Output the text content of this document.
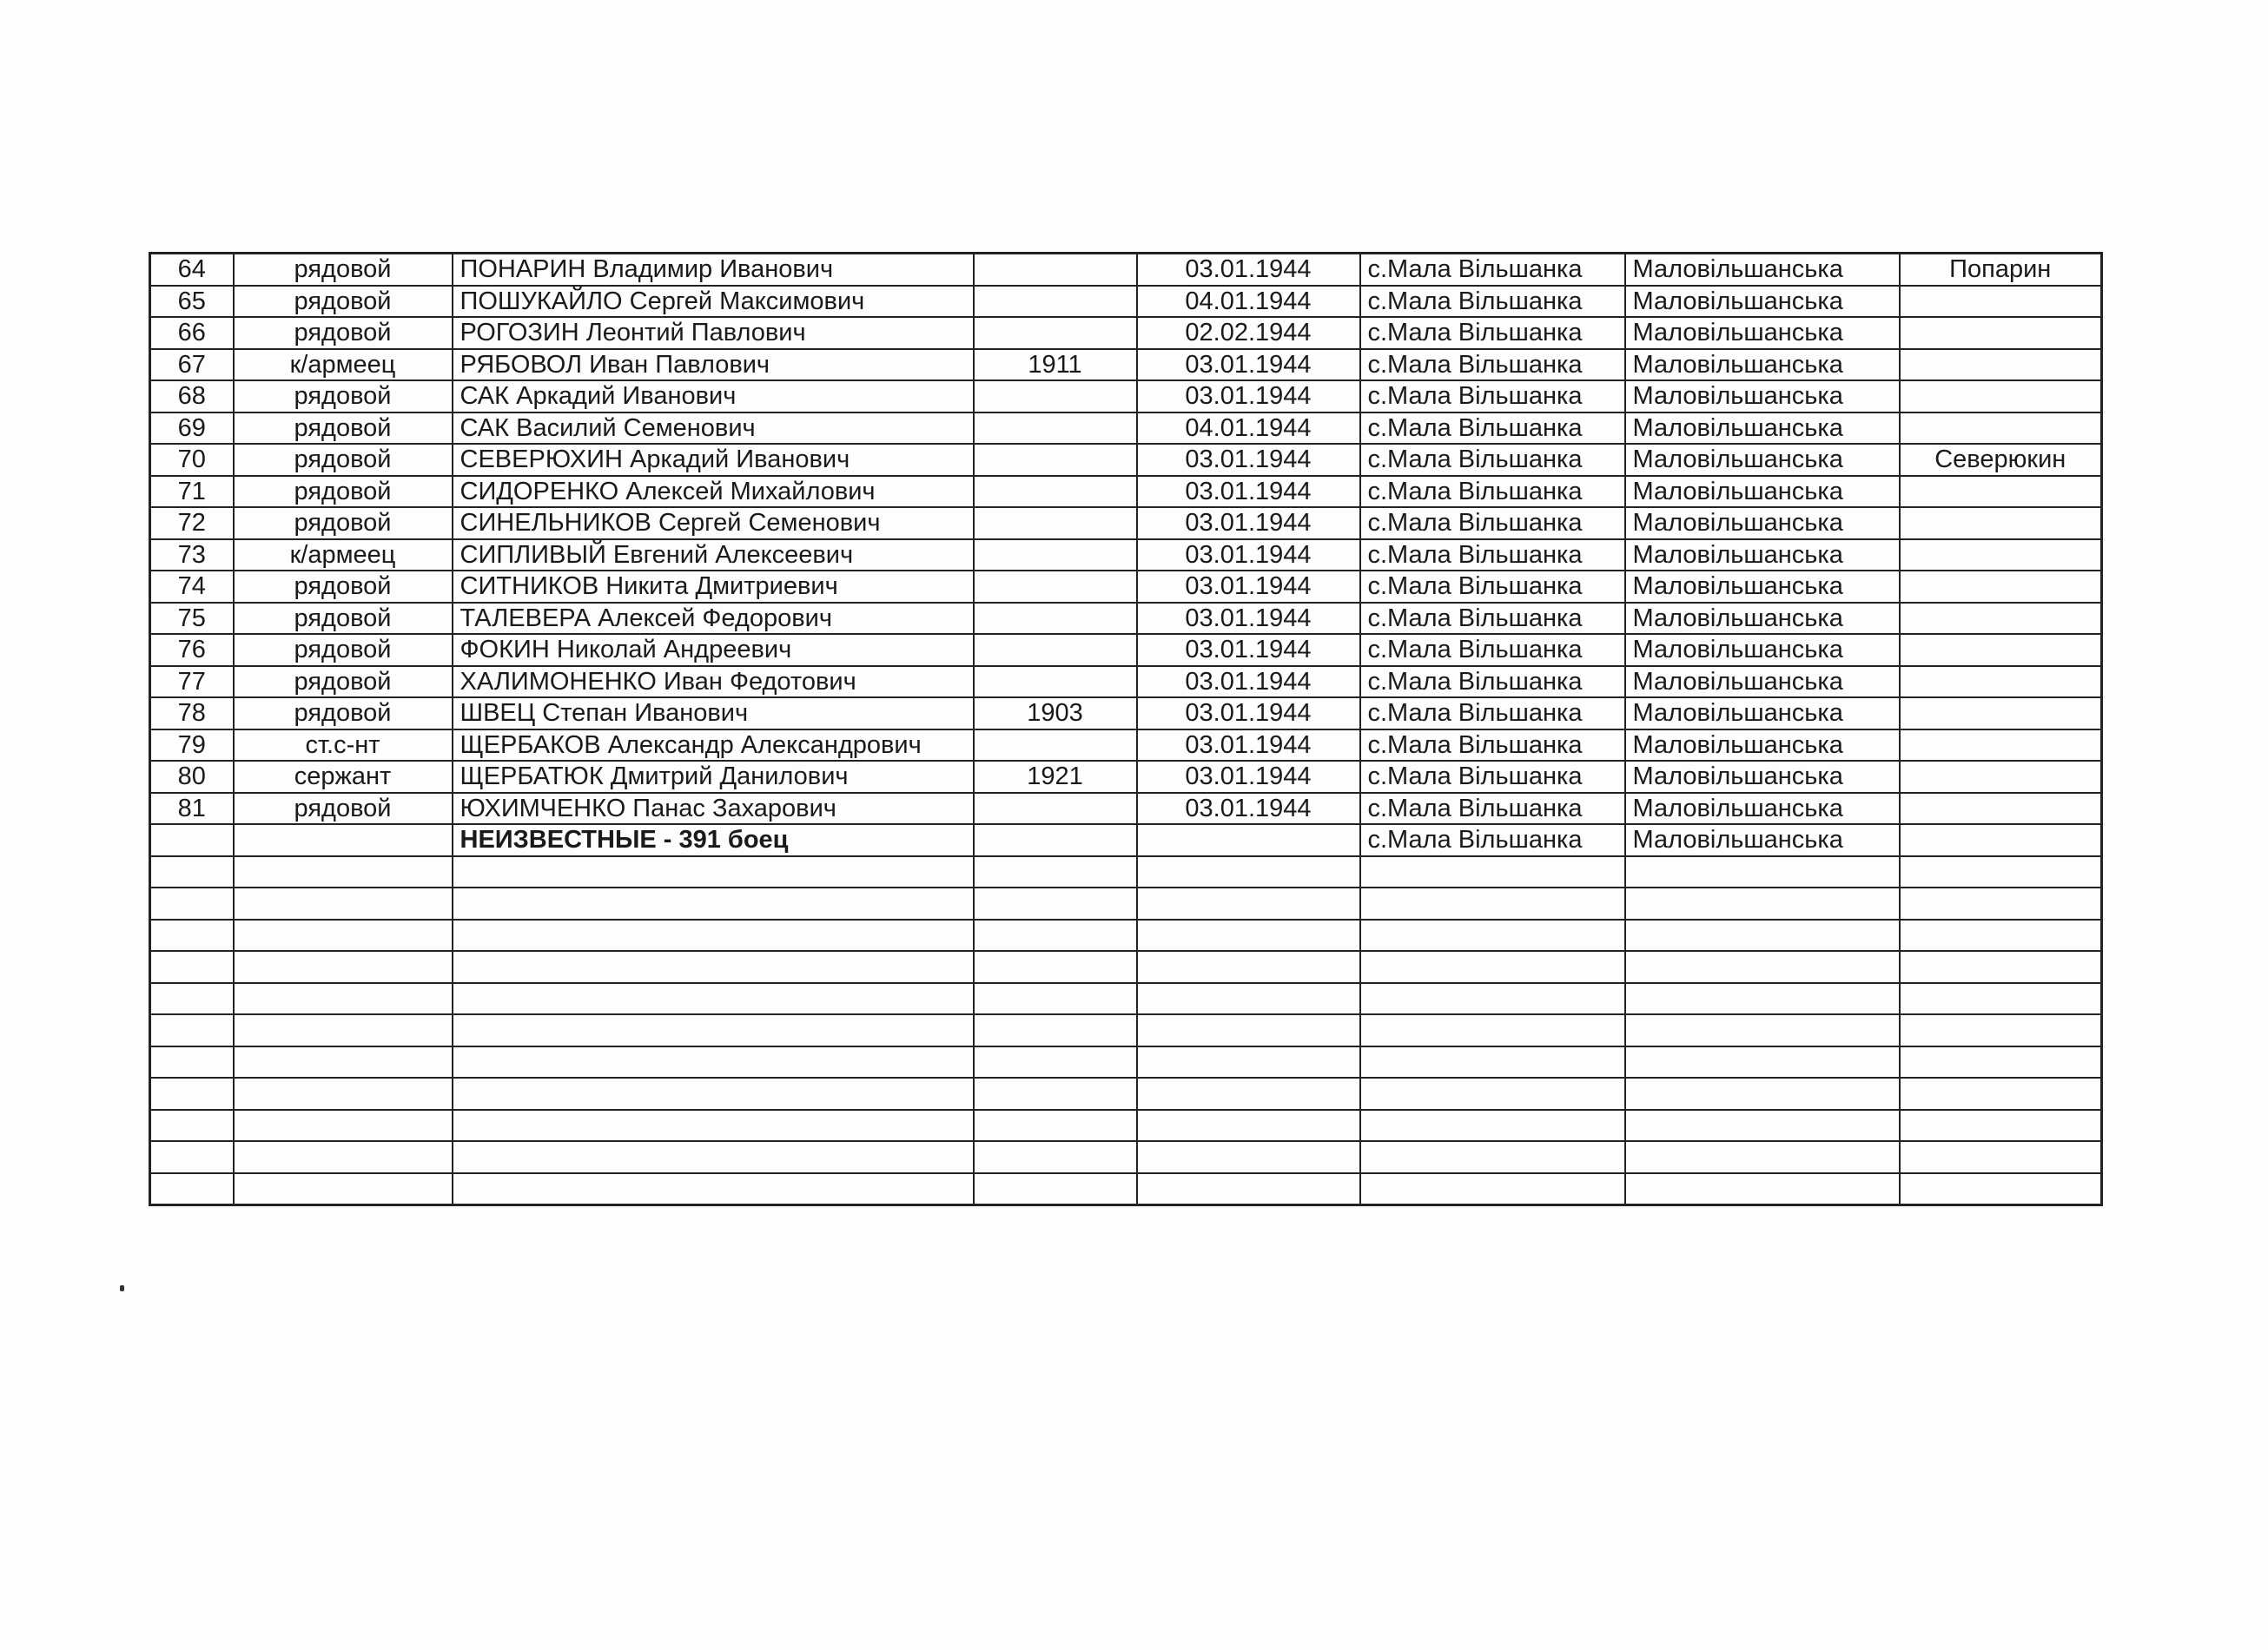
64	рядовой	ПОНАРИН Владимир Иванович		03.01.1944	с.Мала Вільшанка	Маловільшанська	Попарин
65	рядовой	ПОШУКАЙЛО Сергей Максимович		04.01.1944	с.Мала Вільшанка	Маловільшанська	
66	рядовой	РОГОЗИН Леонтий Павлович		02.02.1944	с.Мала Вільшанка	Маловільшанська	
67	к/армеец	РЯБОВОЛ Иван Павлович	1911	03.01.1944	с.Мала Вільшанка	Маловільшанська	
68	рядовой	САК Аркадий Иванович		03.01.1944	с.Мала Вільшанка	Маловільшанська	
69	рядовой	САК Василий Семенович		04.01.1944	с.Мала Вільшанка	Маловільшанська	
70	рядовой	СЕВЕРЮХИН Аркадий Иванович		03.01.1944	с.Мала Вільшанка	Маловільшанська	Северюкин
71	рядовой	СИДОРЕНКО Алексей Михайлович		03.01.1944	с.Мала Вільшанка	Маловільшанська	
72	рядовой	СИНЕЛЬНИКОВ Сергей Семенович		03.01.1944	с.Мала Вільшанка	Маловільшанська	
73	к/армеец	СИПЛИВЫЙ Евгений Алексеевич		03.01.1944	с.Мала Вільшанка	Маловільшанська	
74	рядовой	СИТНИКОВ Никита Дмитриевич		03.01.1944	с.Мала Вільшанка	Маловільшанська	
75	рядовой	ТАЛЕВЕРА Алексей Федорович		03.01.1944	с.Мала Вільшанка	Маловільшанська	
76	рядовой	ФОКИН Николай Андреевич		03.01.1944	с.Мала Вільшанка	Маловільшанська	
77	рядовой	ХАЛИМОНЕНКО Иван Федотович		03.01.1944	с.Мала Вільшанка	Маловільшанська	
78	рядовой	ШВЕЦ Степан Иванович	1903	03.01.1944	с.Мала Вільшанка	Маловільшанська	
79	ст.с-нт	ЩЕРБАКОВ Александр Александрович		03.01.1944	с.Мала Вільшанка	Маловільшанська	
80	сержант	ЩЕРБАТЮК Дмитрий Данилович	1921	03.01.1944	с.Мала Вільшанка	Маловільшанська	
81	рядовой	ЮХИМЧЕНКО Панас Захарович		03.01.1944	с.Мала Вільшанка	Маловільшанська	
		НЕИЗВЕСТНЫЕ - 391 боец			с.Мала Вільшанка	Маловільшанська	
